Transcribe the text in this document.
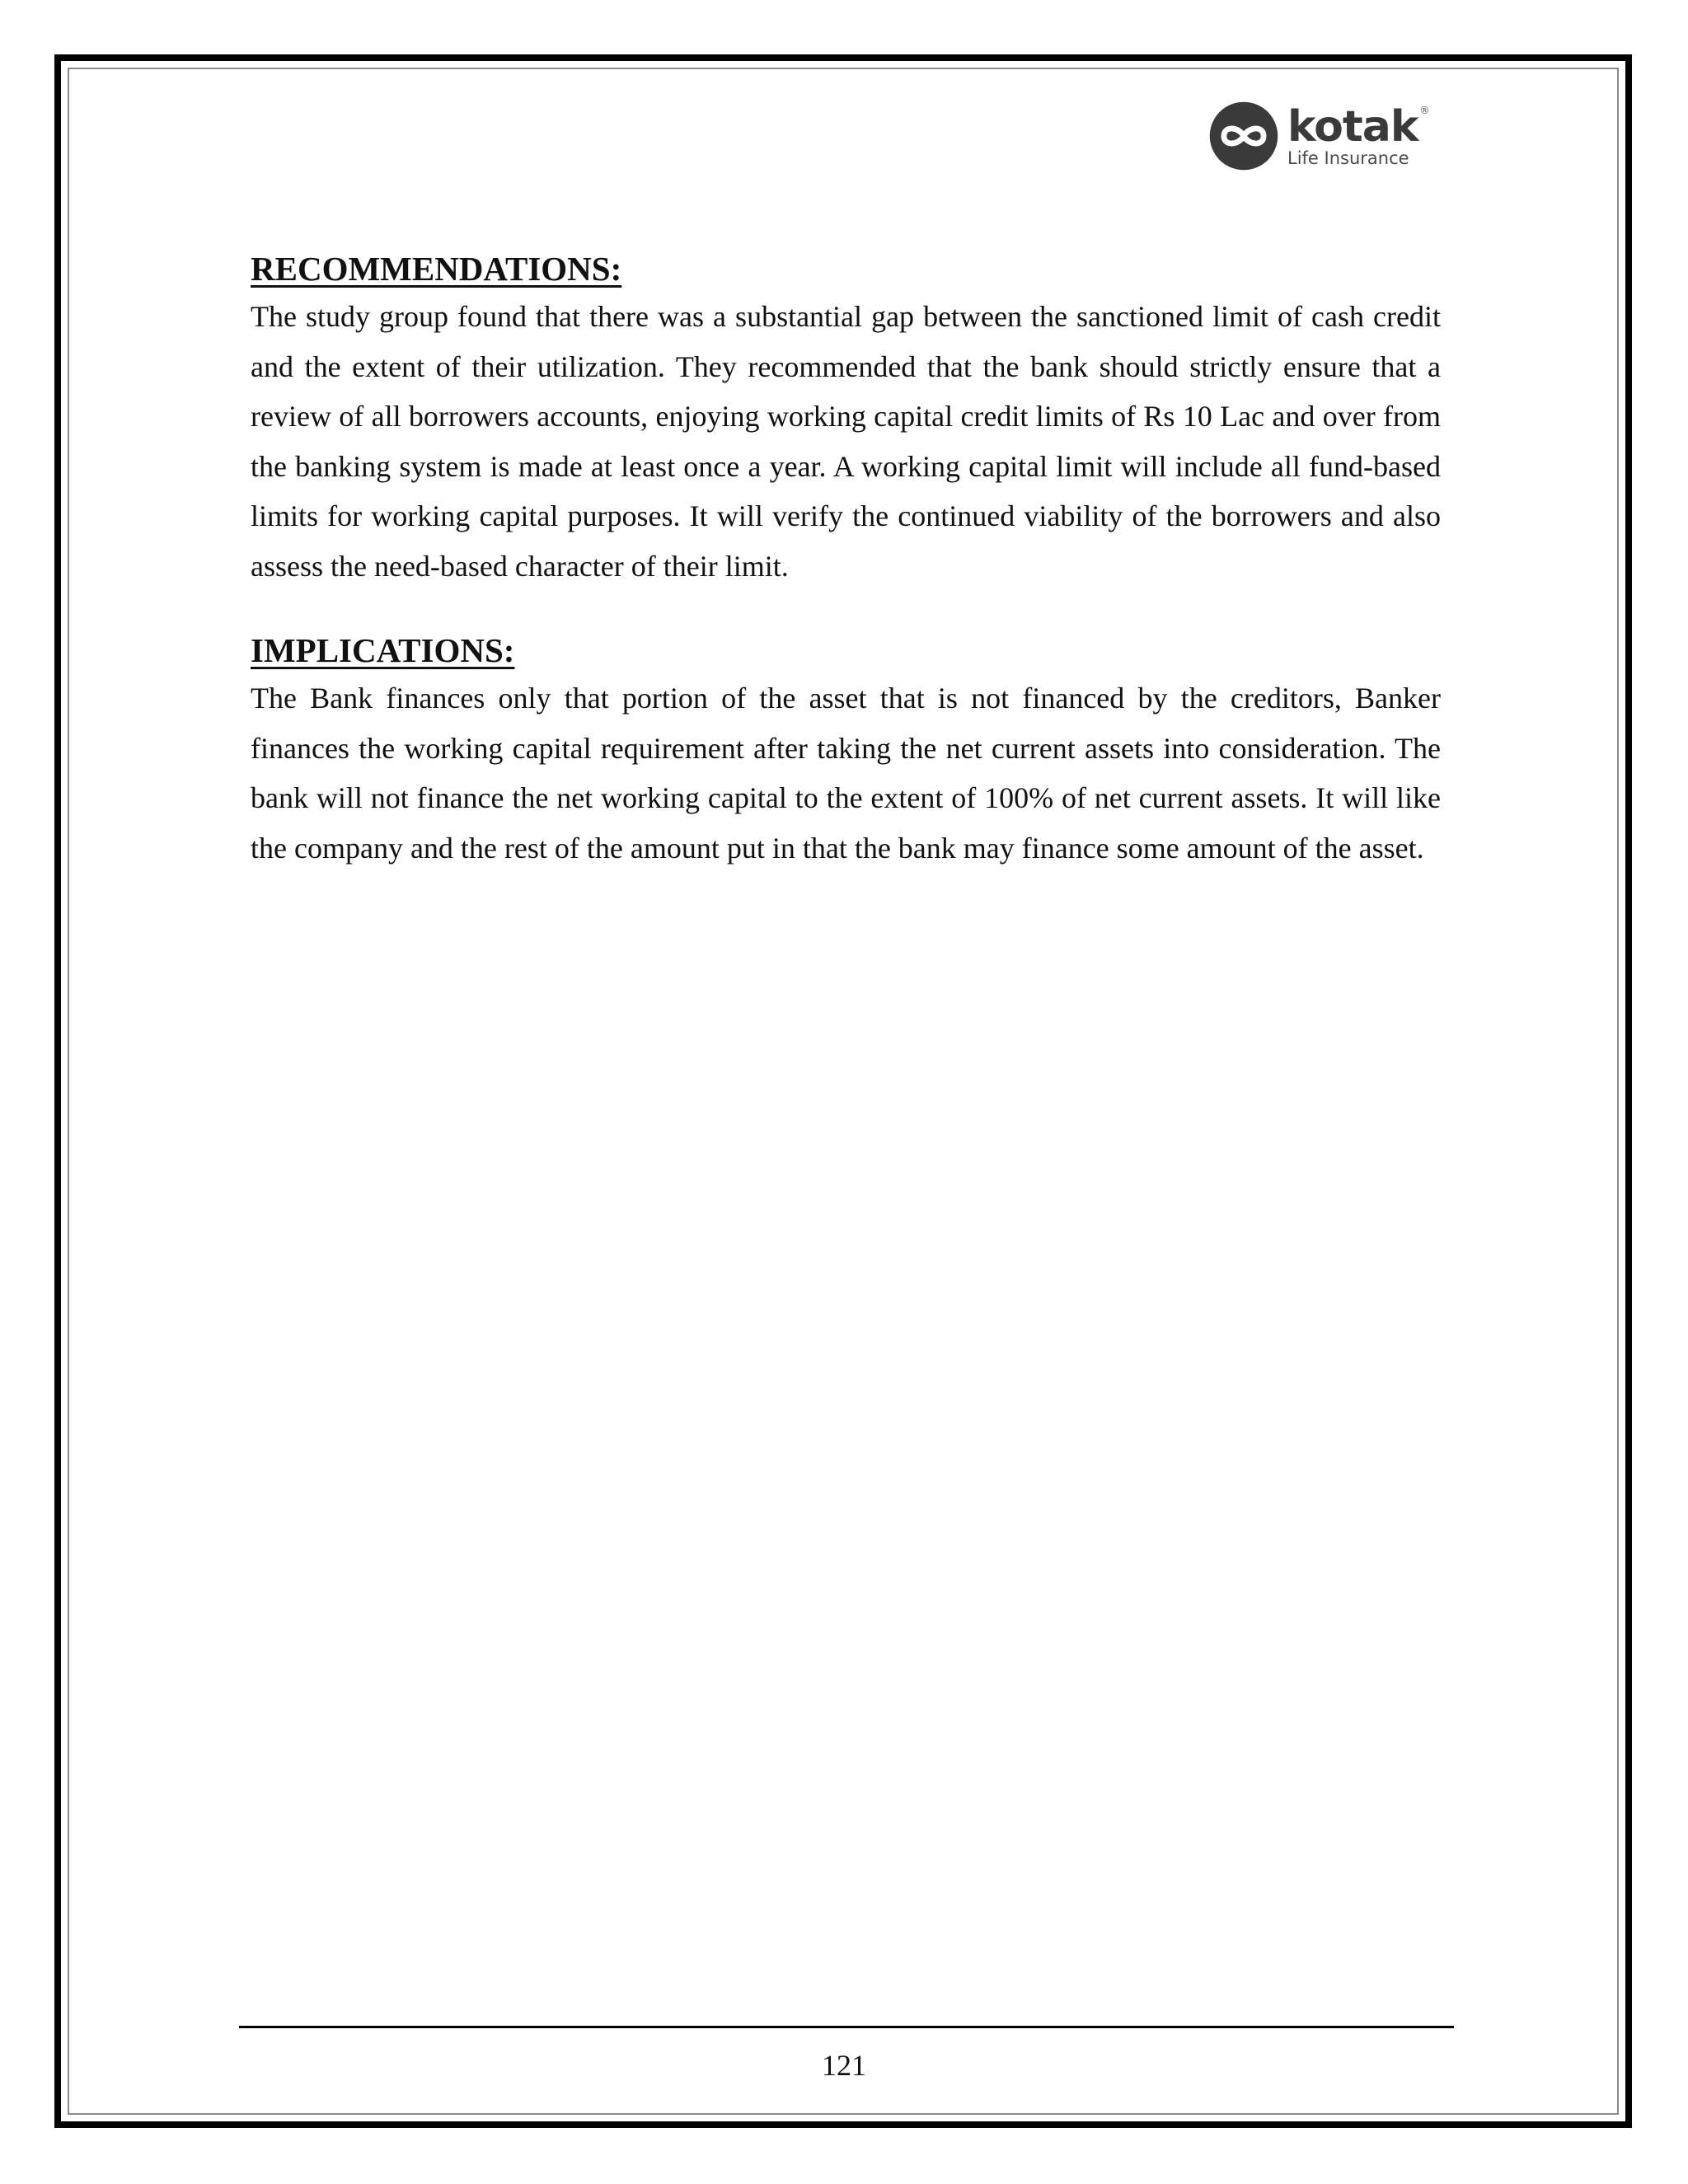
kotak ®
Life Insurance
RECOMMENDATIONS:

The study group found that there was a substantial gap between the sanctioned limit of cash credit and the extent of their utilization. They recommended that the bank should strictly ensure that a review of all borrowers accounts, enjoying working capital credit limits of Rs 10 Lac and over from the banking system is made at least once a year. A working capital limit will include all fund-based limits for working capital purposes. It will verify the continued viability of the borrowers and also assess the need-based character of their limit.

IMPLICATIONS:

The Bank finances only that portion of the asset that is not financed by the creditors, Banker finances the working capital requirement after taking the net current assets into consideration. The bank will not finance the net working capital to the extent of 100% of net current assets. It will like the company and the rest of the amount put in that the bank may finance some amount of the asset.

121
